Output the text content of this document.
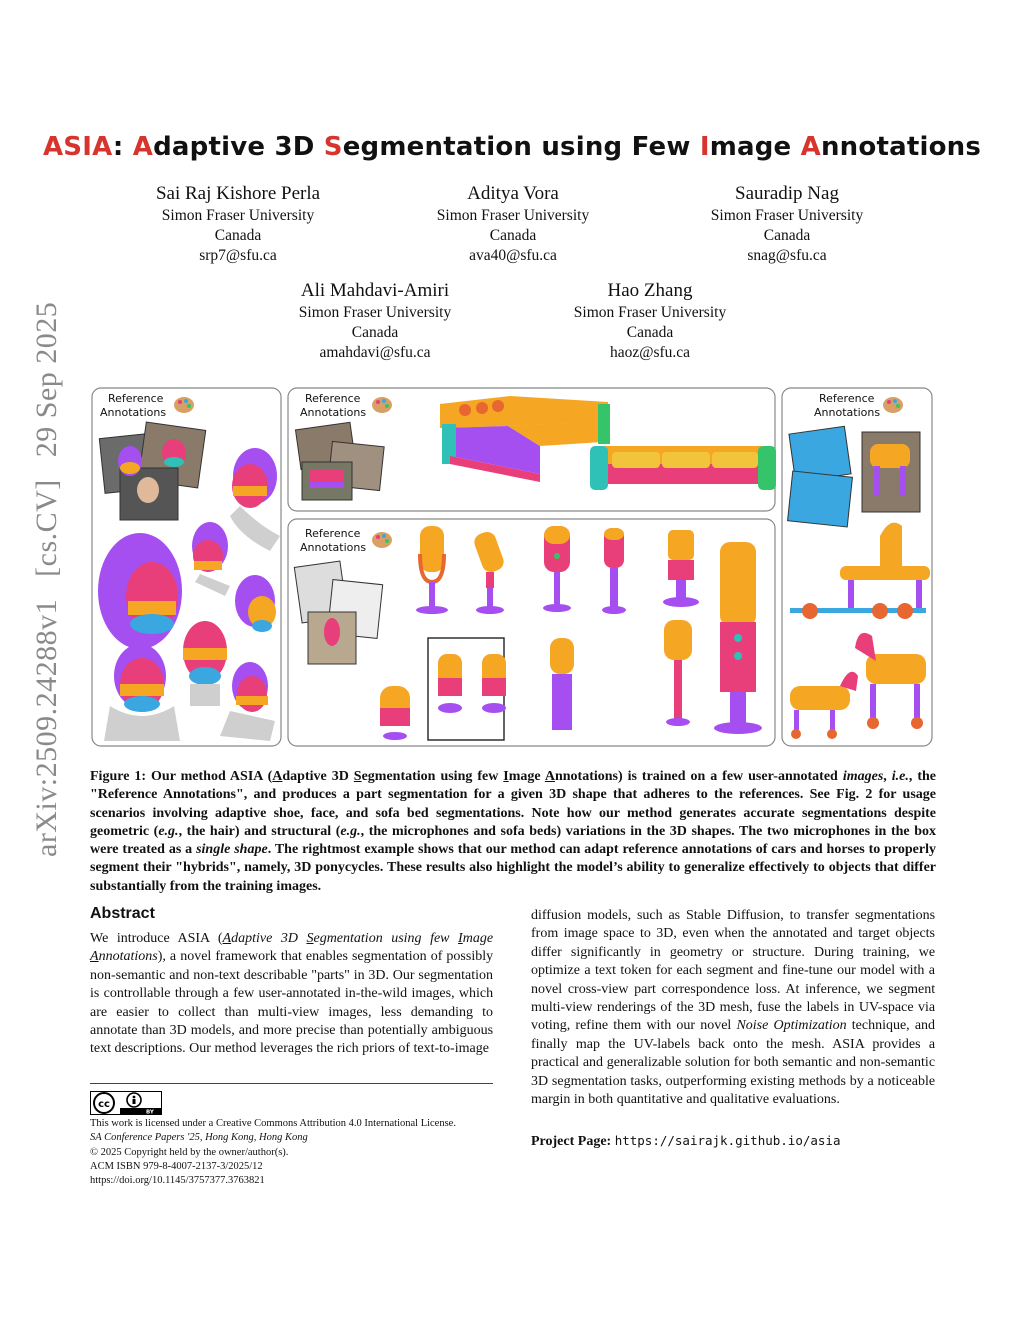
arXiv:2509.24288v1[cs.CV]29 Sep 2025
ASIA: Adaptive 3D Segmentation using Few Image Annotations
Sai Raj Kishore Perla
Simon Fraser University
Canada
srp7@sfu.ca
Aditya Vora
Simon Fraser University
Canada
ava40@sfu.ca
Sauradip Nag
Simon Fraser University
Canada
snag@sfu.ca
Ali Mahdavi-Amiri
Simon Fraser University
Canada
amahdavi@sfu.ca
Hao Zhang
Simon Fraser University
Canada
haoz@sfu.ca
Reference
Annotations
Reference
Annotations
Reference
Annotations
Reference
Annotations
Figure 1: Our method ASIA (Adaptive 3D Segmentation using few Image Annotations) is trained on a few user-annotated images, i.e., the "Reference Annotations", and produces a part segmentation for a given 3D shape that adheres to the references. See Fig. 2 for usage scenarios involving adaptive shoe, face, and sofa bed segmentations. Note how our method generates accurate segmentations despite geometric (e.g., the hair) and structural (e.g., the microphones and sofa beds) variations in the 3D shapes. The two microphones in the box were treated as a single shape. The rightmost example shows that our method can adapt reference annotations of cars and horses to properly segment their "hybrids", namely, 3D ponycycles. These results also highlight the model’s ability to generalize effectively to objects that differ substantially from the training images.
Abstract
We introduce ASIA (Adaptive 3D Segmentation using few Image Annotations), a novel framework that enables segmentation of possibly non-semantic and non-text describable "parts" in 3D. Our segmentation is controllable through a few user-annotated in-the-wild images, which are easier to collect than multi-view images, less demanding to annotate than 3D models, and more precise than potentially ambiguous text descriptions. Our method leverages the rich priors of text-to-image
diffusion models, such as Stable Diffusion, to transfer segmentations from image space to 3D, even when the annotated and target objects differ significantly in geometry or structure. During training, we optimize a text token for each segment and fine-tune our model with a novel cross-view part correspondence loss. At inference, we segment multi-view renderings of the 3D mesh, fuse the labels in UV-space via voting, refine them with our novel Noise Optimization technique, and finally map the UV-labels back onto the mesh. ASIA provides a practical and generalizable solution for both semantic and non-semantic 3D segmentation tasks, outperforming existing methods by a noticeable margin in both quantitative and qualitative evaluations.
cc
BY
This work is licensed under a Creative Commons Attribution 4.0 International License.
SA Conference Papers '25, Hong Kong, Hong Kong
© 2025 Copyright held by the owner/author(s).
ACM ISBN 979-8-4007-2137-3/2025/12
https://doi.org/10.1145/3757377.3763821
Project Page: https://sairajk.github.io/asia
